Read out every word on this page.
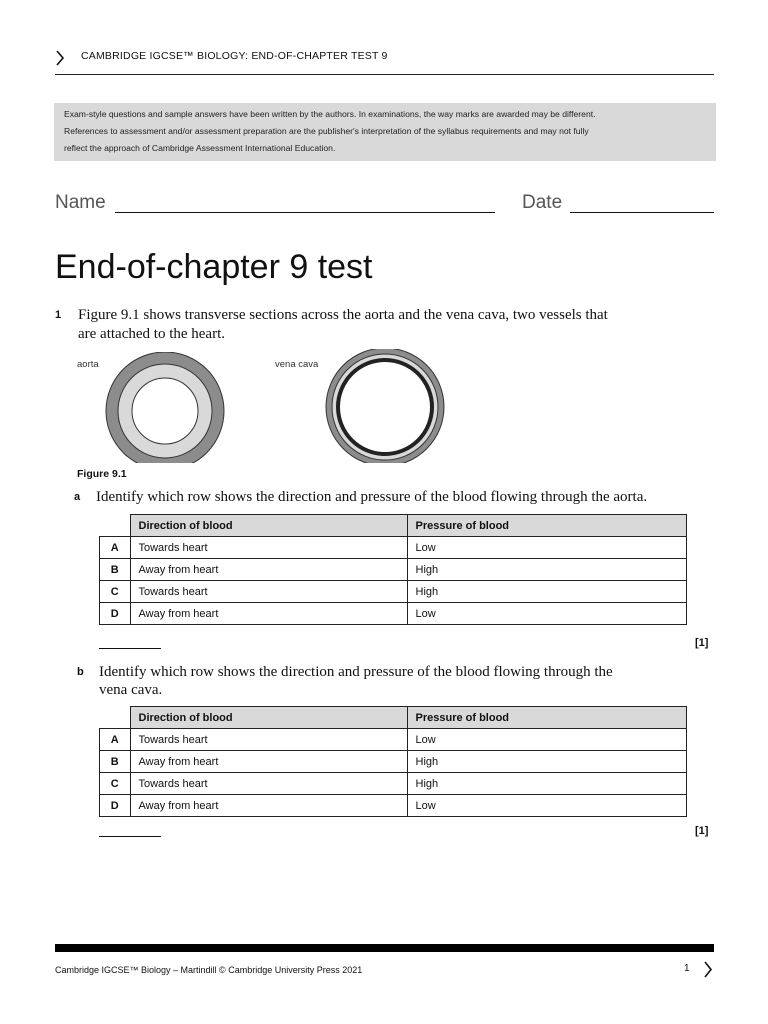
CAMBRIDGE IGCSE™ BIOLOGY: END-OF-CHAPTER TEST 9

Exam-style questions and sample answers have been written by the authors. In examinations, the way marks are awarded may be different.

References to assessment and/or assessment preparation are the publisher's interpretation of the syllabus requirements and may not fully

reflect the approach of Cambridge Assessment International Education.

Name	Date
End-of-chapter 9 test
1 Figure 9.1 shows transverse sections across the aorta and the vena cava, two vessels that
are attached to the heart.
aorta	vena cava
Figure 9.1
a Identify which row shows the direction and pressure of the blood flowing through the aorta.
	Direction of blood	Pressure of blood
A	Towards heart	Low
B	Away from heart	High
C	Towards heart	High
D	Away from heart	Low
[1]
b Identify which row shows the direction and pressure of the blood flowing through the
vena cava.
	Direction of blood	Pressure of blood
A	Towards heart	Low
B	Away from heart	High
C	Towards heart	High
D	Away from heart	Low
[1]
Cambridge IGCSE™ Biology – Martindill © Cambridge University Press 2021	1
